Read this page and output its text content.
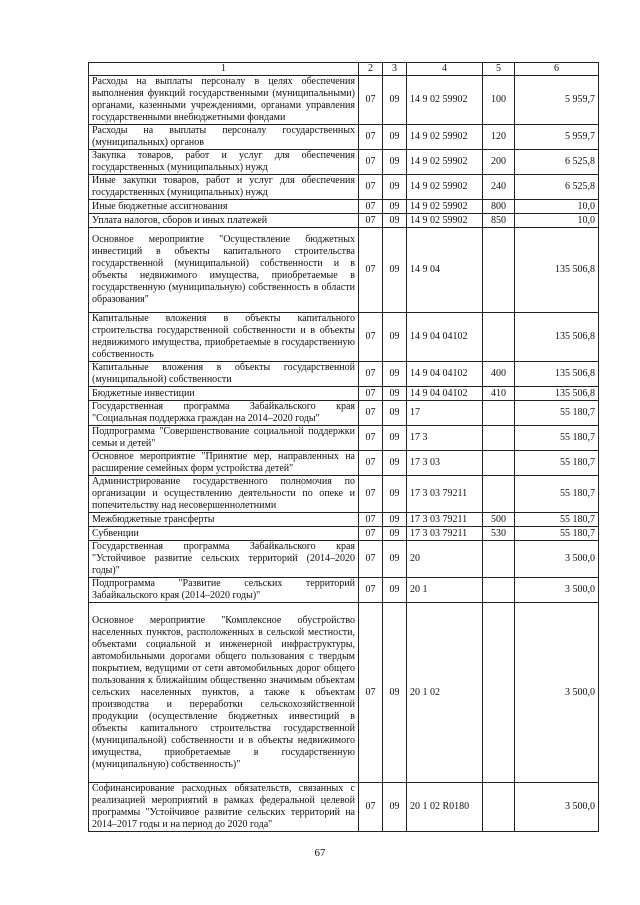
1	2	3	4	5	6
Расходы на выплаты персоналу в целях обеспечения выполнения функций государственными (муниципальными) органами, казенными учреждениями, органами управления государственными внебюджетными фондами	07	09	14 9 02 59902	100	5 959,7
Расходы на выплаты персоналу государственных (муниципальных) органов	07	09	14 9 02 59902	120	5 959,7
Закупка товаров, работ и услуг для обеспечения государственных (муниципальных) нужд	07	09	14 9 02 59902	200	6 525,8
Иные закупки товаров, работ и услуг для обеспечения государственных (муниципальных) нужд	07	09	14 9 02 59902	240	6 525,8
Иные бюджетные ассигнования	07	09	14 9 02 59902	800	10,0
Уплата налогов, сборов и иных платежей	07	09	14 9 02 59902	850	10,0
Основное мероприятие "Осуществление бюджетных инвестиций в объекты капитального строительства государственной (муниципальной) собственности и в объекты недвижимого имущества, приобретаемые в государственную (муниципальную) собственность в области образования"	07	09	14 9 04		135 506,8
Капитальные вложения в объекты капитального строительства государственной собственности и в объекты недвижимого имущества, приобретаемые в государственную собственность	07	09	14 9 04 04102		135 506,8
Капитальные вложения в объекты государственной (муниципальной) собственности	07	09	14 9 04 04102	400	135 506,8
Бюджетные инвестиции	07	09	14 9 04 04102	410	135 506,8
Государственная программа Забайкальского края "Социальная поддержка граждан на 2014–2020 годы"	07	09	17		55 180,7
Подпрограмма "Совершенствование социальной поддержки семьи и детей"	07	09	17 3		55 180,7
Основное мероприятие "Принятие мер, направленных на расширение семейных форм устройства детей"	07	09	17 3 03		55 180,7
Администрирование государственного полномочия по организации и осуществлению деятельности по опеке и попечительству над несовершеннолетними	07	09	17 3 03 79211		55 180,7
Межбюджетные трансферты	07	09	17 3 03 79211	500	55 180,7
Субвенции	07	09	17 3 03 79211	530	55 180,7
Государственная программа Забайкальского края "Устойчивое развитие сельских территорий (2014–2020 годы)"	07	09	20		3 500,0
Подпрограмма "Развитие сельских территорий Забайкальского края (2014–2020 годы)"	07	09	20 1		3 500,0
Основное мероприятие "Комплексное обустройство населенных пунктов, расположенных в сельской местности, объектами социальной и инженерной инфраструктуры, автомобильными дорогами общего пользования с твердым покрытием, ведущими от сети автомобильных дорог общего пользования к ближайшим общественно значимым объектам сельских населенных пунктов, а также к объектам производства и переработки сельскохозяйственной продукции (осуществление бюджетных инвестиций в объекты капитального строительства государственной (муниципальной) собственности и в объекты недвижимого имущества, приобретаемые в государственную (муниципальную) собственность)"	07	09	20 1 02		3 500,0
Софинансирование расходных обязательств, связанных с реализацией мероприятий в рамках федеральной целевой программы "Устойчивое развитие сельских территорий на 2014–2017 годы и на период до 2020 года"	07	09	20 1 02 R0180		3 500,0
67
